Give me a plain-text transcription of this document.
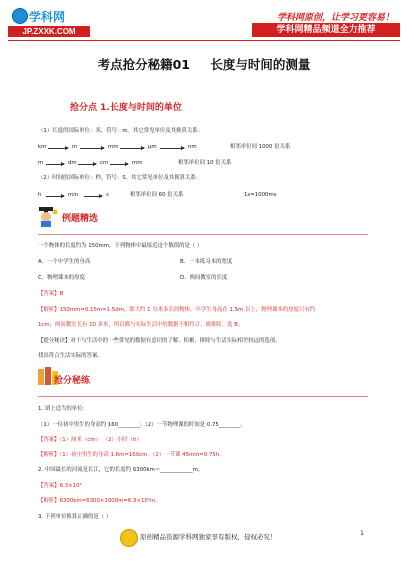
学科网
JP.ZXXK.COM
学科网原创，让学习更容易！
学科网精品频道全力推荐
考点抢分秘籍01 长度与时间的测量
抢分点 1.长度与时间的单位
（1）长度的国际单位：米，符号：m。其它常见单位及其换算关系：
km	m	mm	μm	nm	相邻单位间 1000 倍关系
m	dm	cm	mm	相邻单位间 10 倍关系
（2）时间的国际单位：秒，符号：S。其它常见单位及其换算关系：
h	min	s	相邻单位间 60 倍关系	1s=1000ms
例题精选
一个物体的长度约为 150mm，下列物体中最接近这个数值的是（ ）
A．一个中学生的身高	B．一本练习本的宽度
C．物理课本的厚度	D．两间教室的长度
【答案】B
【解析】150mm=0.15m=1.5dm，即大约 1 分米多长的物体。中学生身高在 1.5m 以上，物理课本的厚度只有约
1cm，两间教室长有 10 多米，所以都与实际生活中的数据不相符合，故排除，选 B。
【提分秘诀】对于与生活中的一些常见的数据有意识的了解、积累，排除与生活实际相差较远的选项，
找出符合生活实际的答案。
抢分秘练
1. 填上适当的单位：
（1）一位初中男生的身高约 160________；（2）一节物理课的时间是 0.75________。
【答案】（1）厘米（cm） （2）小时（h）
【解析】（1）初中男生的身高 1.6m=160cm。（2）一节课 45min=0.75h。
2. 中国最长的河流是长江，它的长度约 6300km＝____________m。
【答案】6.3×10⁶
【解析】6300km=6300×1000m=6.3×10⁶m。
3. 下列单位换算正确的是（ ）
原创精品资源学科网独家享有版权，侵权必究！	1
